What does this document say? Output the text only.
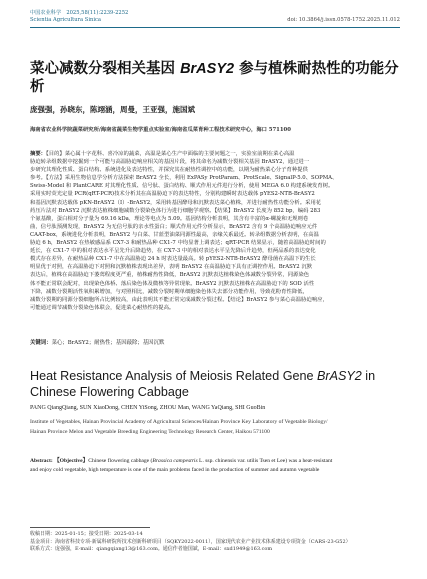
中国农业科学　2025,58(11):2239-2252
Scientia Agricultura Sinica	doi: 10.3864/j.issn.0578-1752.2025.11.012
菜心减数分裂相关基因 BrASY2 参与植株耐热性的功能分析
庞强强，孙晓东，陈翊涵，周曼，王亚强，施国斌
海南省农业科学院蔬菜研究所/海南省蔬菜生物学重点实验室/海南省瓜菜育种工程技术研究中心，海口 571100
摘要：【目的】菜心属十字花科、喜冷凉的蔬菜，高温是菜心生产中面临的主要问题之一，实验室前期在菜心高温
胁迫转录组数据中挖掘到一个可能与高温胁迫响应相关的基因片段，将其命名为减数分裂相关基因 BrASY2，通过进一
步研究其理化性质、蛋白结构、系统进化及表达特性，并探究其在耐热性调控中的功能，以期为耐热菜心分子育种提供
参考。【方法】采用生物信息学分析方法探索 BrASY2 全长，利用 ExPASy ProtParam、ProtScale、SignalP-5.0、SOPMA、
Swiss-Model 和 PlantCARE 对其理化性质、信号肽、蛋白结构、顺式作用元件进行分析，使用 MEGA 6.0 构建系统发育树。
采用实时荧光定量 PCR(qRT-PCR)技术分析其在高温胁迫下的表达特性，分别构建瞬时表达载体 pYES2-NTB-BrASY2
和基因沉默表达载体 pKN-BrASY2（I）-BrASY2，采用转基因酵母和沉默表达菜心植株，并进行耐热性功能分析。采用花
药压片法对 BrASY2 沉默表达植株细胞减数分裂染色体行为进行细胞学观察。【结果】BrASY2 长度为 852 bp，编码 283
个氨基酸，蛋白相对分子量为 69.16 kDa，理论等电点为 5.09。基因结构分析表明，其含有丰富的α-螺旋和无规则卷
曲，信号肽预测发现，BrASY2 为无信号肽的亲水性蛋白；顺式作用元件分析显示，BrASY2 含有 9 个高温胁迫响应元件
CAAT-box，系统进化分析表明，BrASY2 与白菜、甘蓝型油菜同源性最高，亲缘关系最近。转录组数据分析表明，在高温
胁迫 6 h，BrASY2 在热敏感品系 CX7-3 和耐热品种 CX1-7 中均显著上调表达；qRT-PCR 结果显示，随着高温胁迫时间的
延长，在 CX1-7 中的相对表达水平呈先升后降趋势，在 CX7-3 中的相对表达水平呈先降后升趋势，但两品系的表达变化
模式存在差异，在耐热品种 CX1-7 中在高温胁迫 24 h 时表达量最高。转 pYES2-NTB-BrASY2 酵母菌在高温下的生长
明显优于对照，在高温胁迫下对照和沉默植株表现出差异，表明 BrASY2 在高温胁迫下具有正调控作用。BrASY2 沉默
表达后，植株在高温胁迫下萎蔫程度更严重，植株耐热性降低，BrASY2 沉默表达植株染色体减数分裂异常，同源染色
体不能正常联会配对，出现染色体桥、落后染色体及微核等异常现象。BrASY2 沉默表达植株在高温胁迫下的 SOD 活性
下降，减数分裂期活性氧积累增加，与对照相比，减数分裂时期单细胞染色体失去部分功能作用，导致花粉育性降低，
减数分裂期的同源分裂细胞所占比例较高，由此表明其不能正常完成减数分裂过程。【结论】BrASY2 参与菜心高温胁迫响应，
可能通过调节减数分裂染色体联会，促进菜心耐热性的提高。
关键词：菜心；BrASY2；耐热性；基因敲除；基因沉默
Heat Resistance Analysis of Meiosis Related Gene BrASY2 in Chinese Flowering Cabbage
PANG QiangQiang, SUN XiaoDong, CHEN YiSong, ZHOU Man, WANG YaQiang, SHI GuoBin
Institute of Vegetables, Hainan Provincial Academy of Agricultural Sciences/Hainan Province Key Laboratory of Vegetable Biology/
Hainan Province Melon and Vegetable Breeding Engineering Technology Research Center, Haikou 571100
Abstract: 【Objective】Chinese flowering cabbage (Brassica campestris L. ssp. chinensis var. utilis Tsen et Lee) was a heat-resistant
and enjoy cold vegetable, high temperature is one of the main problems faced in the production of summer and autumn vegetable
收稿日期：2025-01-15；接受日期：2025-03-14
基金项目：海南省科技专项-新属科研院所技术创新科研项目（SQKY2022-0011），国家现代农业产业技术体系建设专项资金（CARS-23-G52）
联系方式：庞强强，E-mail：qiangqiang13@163.com。通信作者施国斌，E-mail：sxd1949@163.com
